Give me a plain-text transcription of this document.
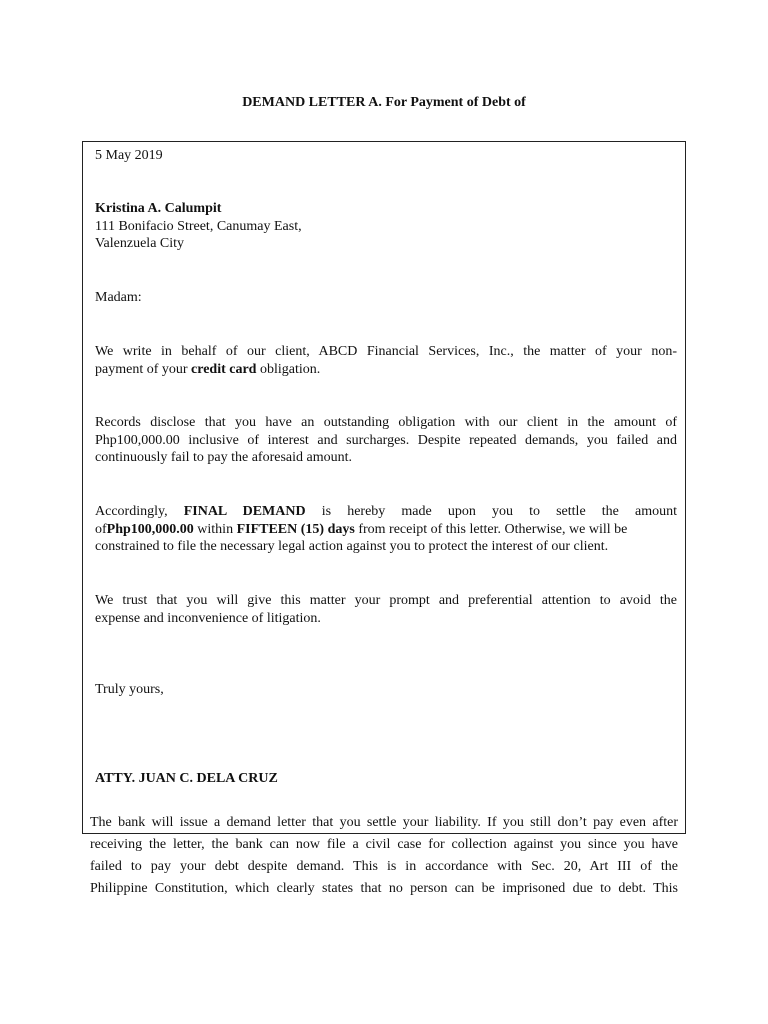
DEMAND LETTER A. For Payment of Debt of

5 May 2019

Kristina A. Calumpit

111 Bonifacio Street, Canumay East,

Valenzuela City

Madam:

We write in behalf of our client, ABCD Financial Services, Inc., the matter of your non-

payment of your credit card obligation.

Records disclose that you have an outstanding obligation with our client in the amount of

Php100,000.00 inclusive of interest and surcharges. Despite repeated demands, you failed and

continuously fail to pay the aforesaid amount.

Accordingly, FINAL DEMAND is hereby made upon you to settle the amount

ofPhp100,000.00 within FIFTEEN (15) days from receipt of this letter. Otherwise, we will be

constrained to file the necessary legal action against you to protect the interest of our client.

We trust that you will give this matter your prompt and preferential attention to avoid the

expense and inconvenience of litigation.

Truly yours,

ATTY. JUAN C. DELA CRUZ

The bank will issue a demand letter that you settle your liability. If you still don’t pay even after
receiving the letter, the bank can now file a civil case for collection against you since you have
failed to pay your debt despite demand. This is in accordance with Sec. 20, Art III of the
Philippine Constitution, which clearly states that no person can be imprisoned due to debt. This
